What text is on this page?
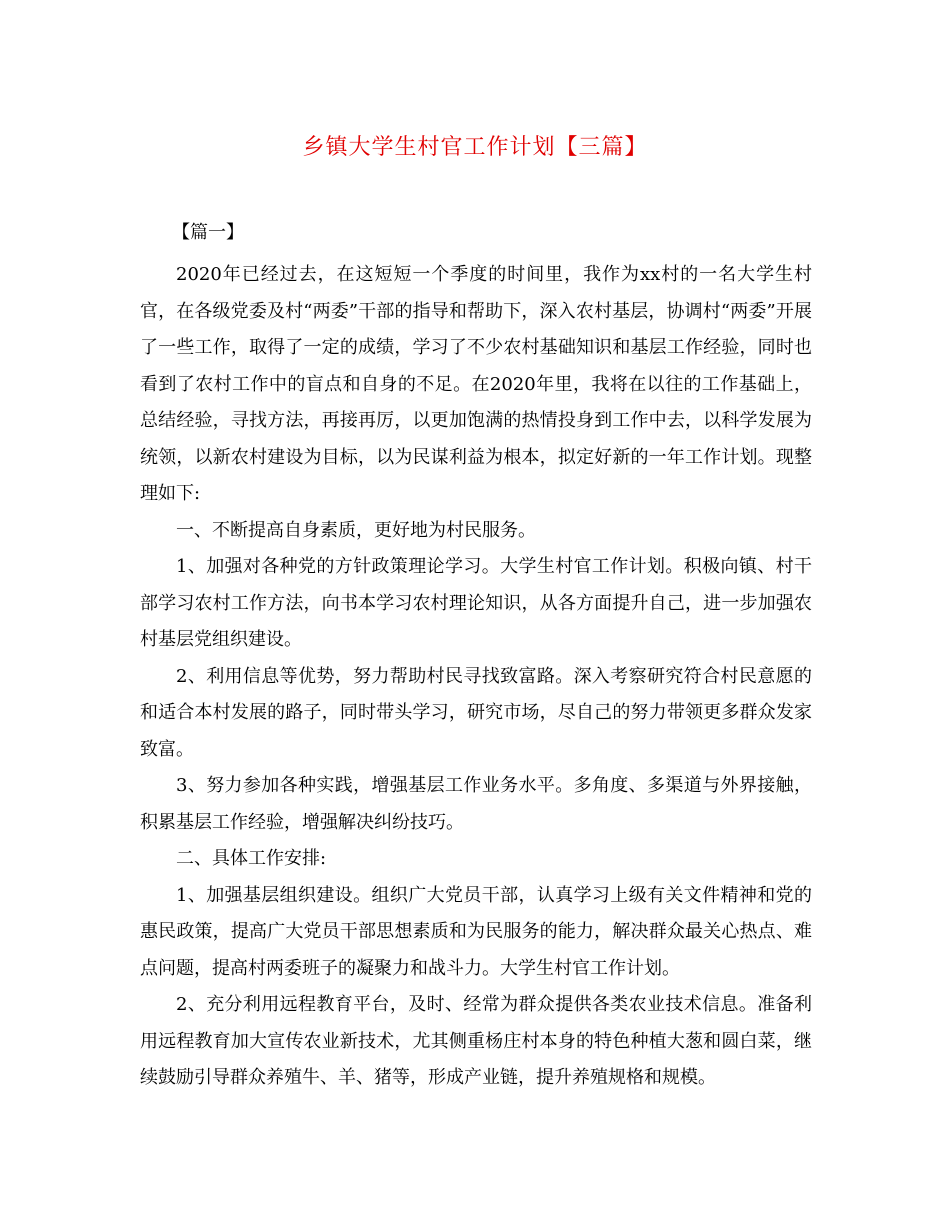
乡镇大学生村官工作计划【三篇】
【篇一】

2020年已经过去，在这短短一个季度的时间里，我作为xx村的一名大学生村官，在各级党委及村“两委”干部的指导和帮助下，深入农村基层，协调村“两委”开展了一些工作，取得了一定的成绩，学习了不少农村基础知识和基层工作经验，同时也看到了农村工作中的盲点和自身的不足。在2020年里，我将在以往的工作基础上，总结经验，寻找方法，再接再厉，以更加饱满的热情投身到工作中去，以科学发展为统领，以新农村建设为目标，以为民谋利益为根本，拟定好新的一年工作计划。现整理如下:

一、不断提高自身素质，更好地为村民服务。

1、加强对各种党的方针政策理论学习。大学生村官工作计划。积极向镇、村干部学习农村工作方法，向书本学习农村理论知识，从各方面提升自己，进一步加强农村基层党组织建设。

2、利用信息等优势，努力帮助村民寻找致富路。深入考察研究符合村民意愿的和适合本村发展的路子，同时带头学习，研究市场，尽自己的努力带领更多群众发家致富。

3、努力参加各种实践，增强基层工作业务水平。多角度、多渠道与外界接触，积累基层工作经验，增强解决纠纷技巧。

二、具体工作安排:

1、加强基层组织建设。组织广大党员干部，认真学习上级有关文件精神和党的惠民政策，提高广大党员干部思想素质和为民服务的能力，解决群众最关心热点、难点问题，提高村两委班子的凝聚力和战斗力。大学生村官工作计划。

2、充分利用远程教育平台，及时、经常为群众提供各类农业技术信息。准备利用远程教育加大宣传农业新技术，尤其侧重杨庄村本身的特色种植大葱和圆白菜，继续鼓励引导群众养殖牛、羊、猪等，形成产业链，提升养殖规格和规模。
